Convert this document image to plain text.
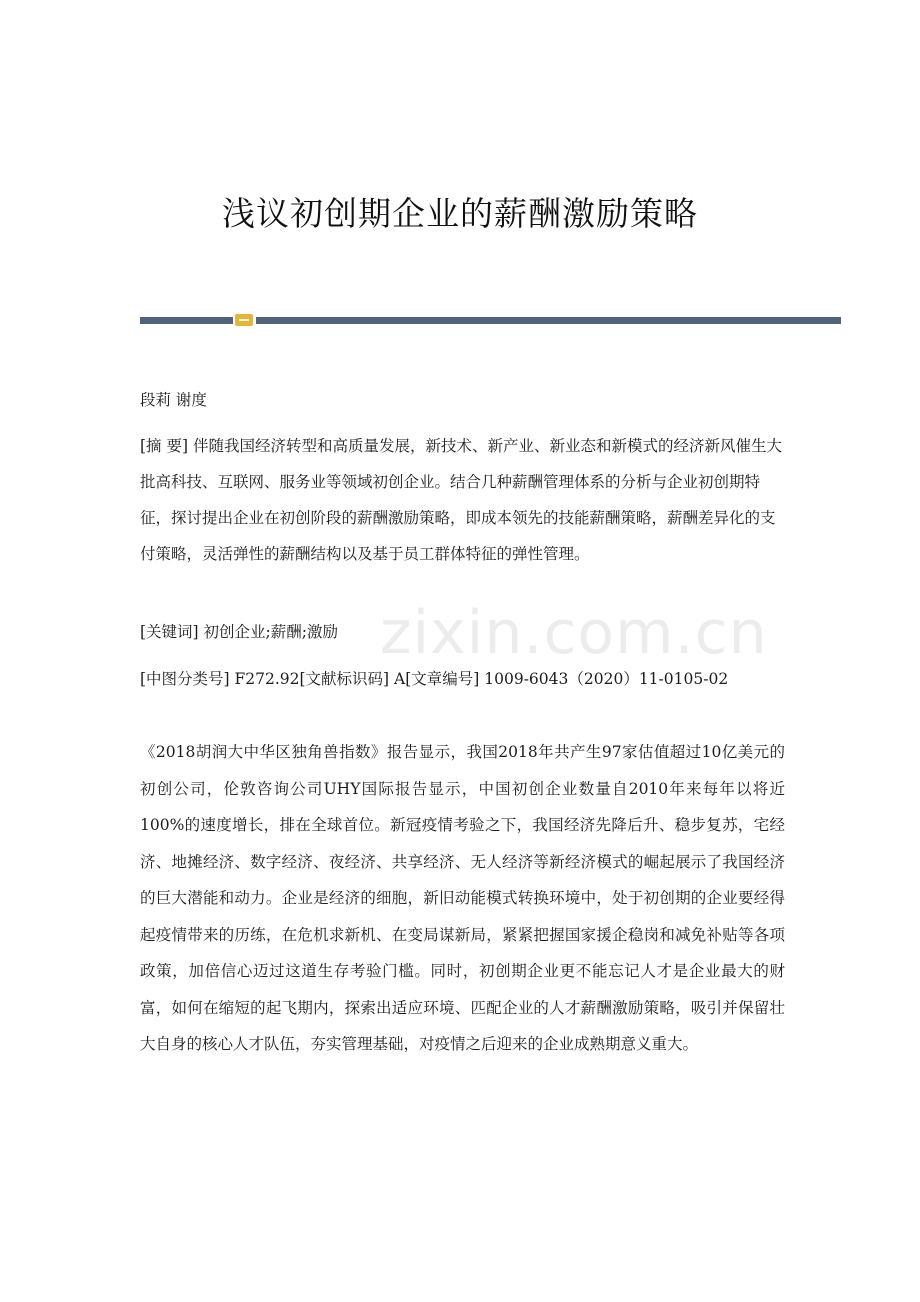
浅议初创期企业的薪酬激励策略
段莉 谢度
[摘 要] 伴随我国经济转型和高质量发展，新技术、新产业、新业态和新模式的经济新风催生大批高科技、互联网、服务业等领域初创企业。结合几种薪酬管理体系的分析与企业初创期特征，探讨提出企业在初创阶段的薪酬激励策略，即成本领先的技能薪酬策略，薪酬差异化的支付策略，灵活弹性的薪酬结构以及基于员工群体特征的弹性管理。
[关键词] 初创企业;薪酬;激励
[中图分类号] F272.92[文献标识码] A[文章编号] 1009-6043（2020）11-0105-02
《2018胡润大中华区独角兽指数》报告显示，我国2018年共产生97家估值超过10亿美元的初创公司，伦敦咨询公司UHY国际报告显示，中国初创企业数量自2010年来每年以将近100%的速度增长，排在全球首位。新冠疫情考验之下，我国经济先降后升、稳步复苏，宅经济、地摊经济、数字经济、夜经济、共享经济、无人经济等新经济模式的崛起展示了我国经济的巨大潜能和动力。企业是经济的细胞，新旧动能模式转换环境中，处于初创期的企业要经得起疫情带来的历练，在危机求新机、在变局谋新局，紧紧把握国家援企稳岗和减免补贴等各项政策，加倍信心迈过这道生存考验门槛。同时，初创期企业更不能忘记人才是企业最大的财富，如何在缩短的起飞期内，探索出适应环境、匹配企业的人才薪酬激励策略，吸引并保留壮大自身的核心人才队伍，夯实管理基础，对疫情之后迎来的企业成熟期意义重大。
zixin.com.cn
